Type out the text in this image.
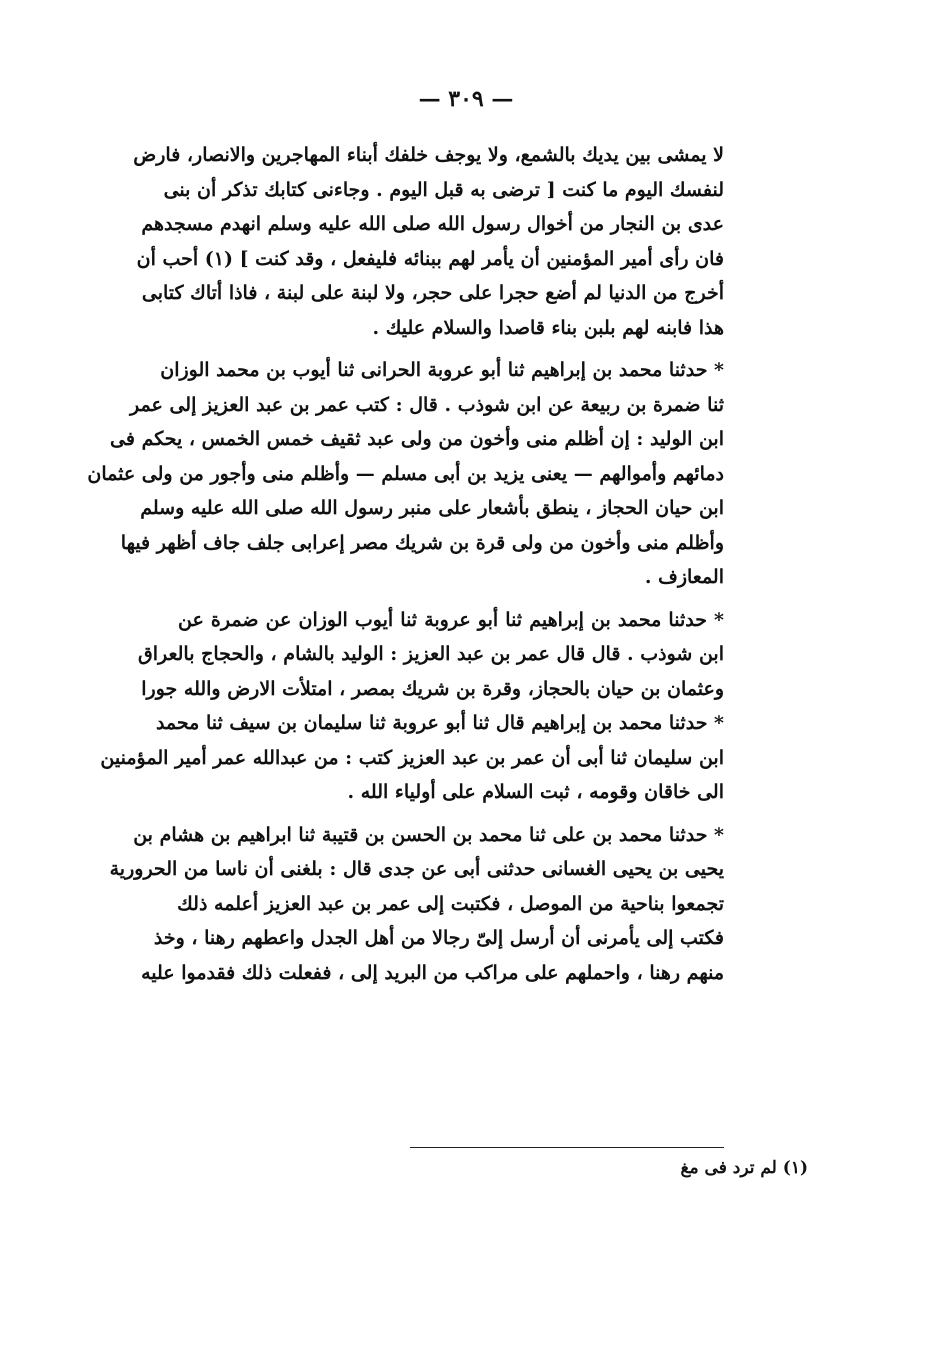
— ٣٠٩ —
لا يمشى بين يديك بالشمع، ولا يوجف خلفك أبناء المهاجرين والانصار، فارض
لنفسك اليوم ما كنت [ ترضى به قبل اليوم . وجاءنى كتابك تذكر أن بنى
عدى بن النجار من أخوال رسول الله صلى الله عليه وسلم انهدم مسجدهم
فان رأى أمير المؤمنين أن يأمر لهم ببنائه فليفعل ، وقد كنت ] (١) أحب أن
أخرج من الدنيا لم أضع حجرا على حجر، ولا لبنة على لبنة ، فاذا أتاك كتابى
هذا فابنه لهم بلبن بناء قاصدا والسلام عليك .
* حدثنا محمد بن إبراهيم ثنا أبو عروبة الحرانى ثنا أيوب بن محمد الوزان
ثنا ضمرة بن ربيعة عن ابن شوذب . قال : كتب عمر بن عبد العزيز إلى عمر
ابن الوليد : إن أظلم منى وأخون من ولى عبد ثقيف خمس الخمس ، يحكم فى
دمائهم وأموالهم — يعنى يزيد بن أبى مسلم — وأظلم منى وأجور من ولى عثمان
ابن حيان الحجاز ، ينطق بأشعار على منبر رسول الله صلى الله عليه وسلم
وأظلم منى وأخون من ولى قرة بن شريك مصر إعرابى جلف جاف أظهر فيها
المعازف .
* حدثنا محمد بن إبراهيم ثنا أبو عروبة ثنا أيوب الوزان عن ضمرة عن
ابن شوذب . قال قال عمر بن عبد العزيز : الوليد بالشام ، والحجاج بالعراق
وعثمان بن حيان بالحجاز، وقرة بن شريك بمصر ، امتلأت الارض والله جورا
* حدثنا محمد بن إبراهيم قال ثنا أبو عروبة ثنا سليمان بن سيف ثنا محمد
ابن سليمان ثنا أبى أن عمر بن عبد العزيز كتب : من عبدالله عمر أمير المؤمنين
الى خاقان وقومه ، ثبت السلام على أولياء الله .
* حدثنا محمد بن على ثنا محمد بن الحسن بن قتيبة ثنا ابراهيم بن هشام بن
يحيى بن يحيى الغسانى حدثنى أبى عن جدى قال : بلغنى أن ناسا من الحرورية
تجمعوا بناحية من الموصل ، فكتبت إلى عمر بن عبد العزيز أعلمه ذلك
فكتب إلى يأمرنى أن أرسل إلىّ رجالا من أهل الجدل واعطهم رهنا ، وخذ
منهم رهنا ، واحملهم على مراكب من البريد إلى ، ففعلت ذلك فقدموا عليه
(١) لم ترد فى مغ
